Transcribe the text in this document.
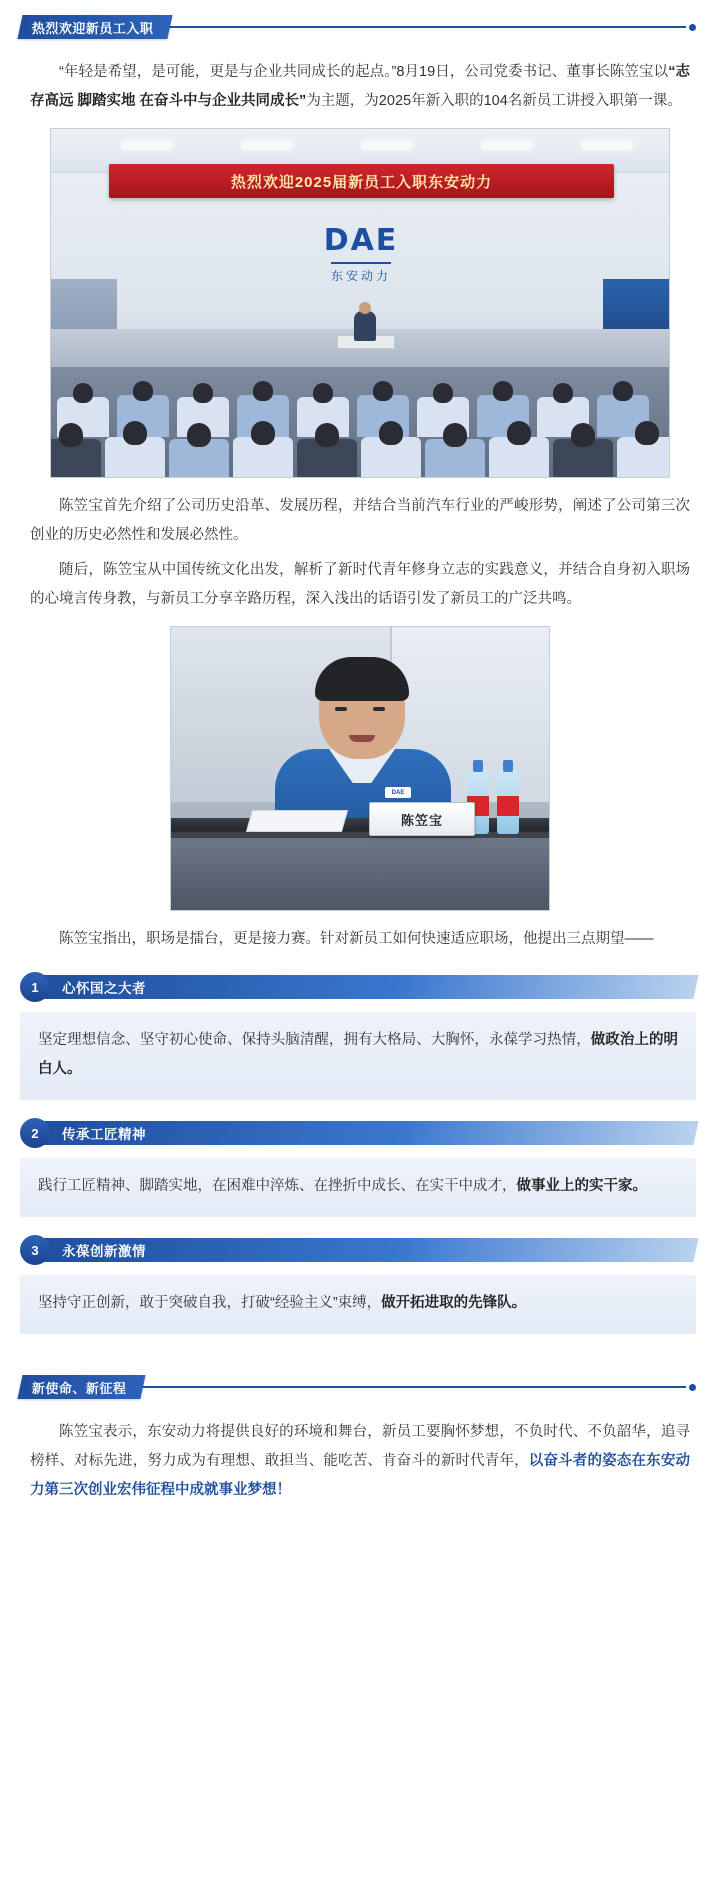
热烈欢迎新员工入职

“年轻是希望，是可能，更是与企业共同成长的起点。”8月19日，公司党委书记、董事长陈笠宝以“志存高远 脚踏实地 在奋斗中与企业共同成长”为主题，为2025年新入职的104名新员工讲授入职第一课。

热烈欢迎2025届新员工入职东安动力
DAE
东安动力

陈笠宝首先介绍了公司历史沿革、发展历程，并结合当前汽车行业的严峻形势，阐述了公司第三次创业的历史必然性和发展必然性。

随后，陈笠宝从中国传统文化出发，解析了新时代青年修身立志的实践意义，并结合自身初入职场的心境言传身教，与新员工分享辛路历程，深入浅出的话语引发了新员工的广泛共鸣。

DAE
陈笠宝

陈笠宝指出，职场是擂台，更是接力赛。针对新员工如何快速适应职场，他提出三点期望——

1	心怀国之大者
坚定理想信念、坚守初心使命、保持头脑清醒，拥有大格局、大胸怀，永葆学习热情，做政治上的明白人。
2	传承工匠精神
践行工匠精神、脚踏实地，在困难中淬炼、在挫折中成长、在实干中成才，做事业上的实干家。
3	永葆创新激情
坚持守正创新，敢于突破自我，打破“经验主义”束缚，做开拓进取的先锋队。
新使命、新征程

陈笠宝表示，东安动力将提供良好的环境和舞台，新员工要胸怀梦想，不负时代、不负韶华，追寻榜样、对标先进，努力成为有理想、敢担当、能吃苦、肯奋斗的新时代青年，以奋斗者的姿态在东安动力第三次创业宏伟征程中成就事业梦想！
